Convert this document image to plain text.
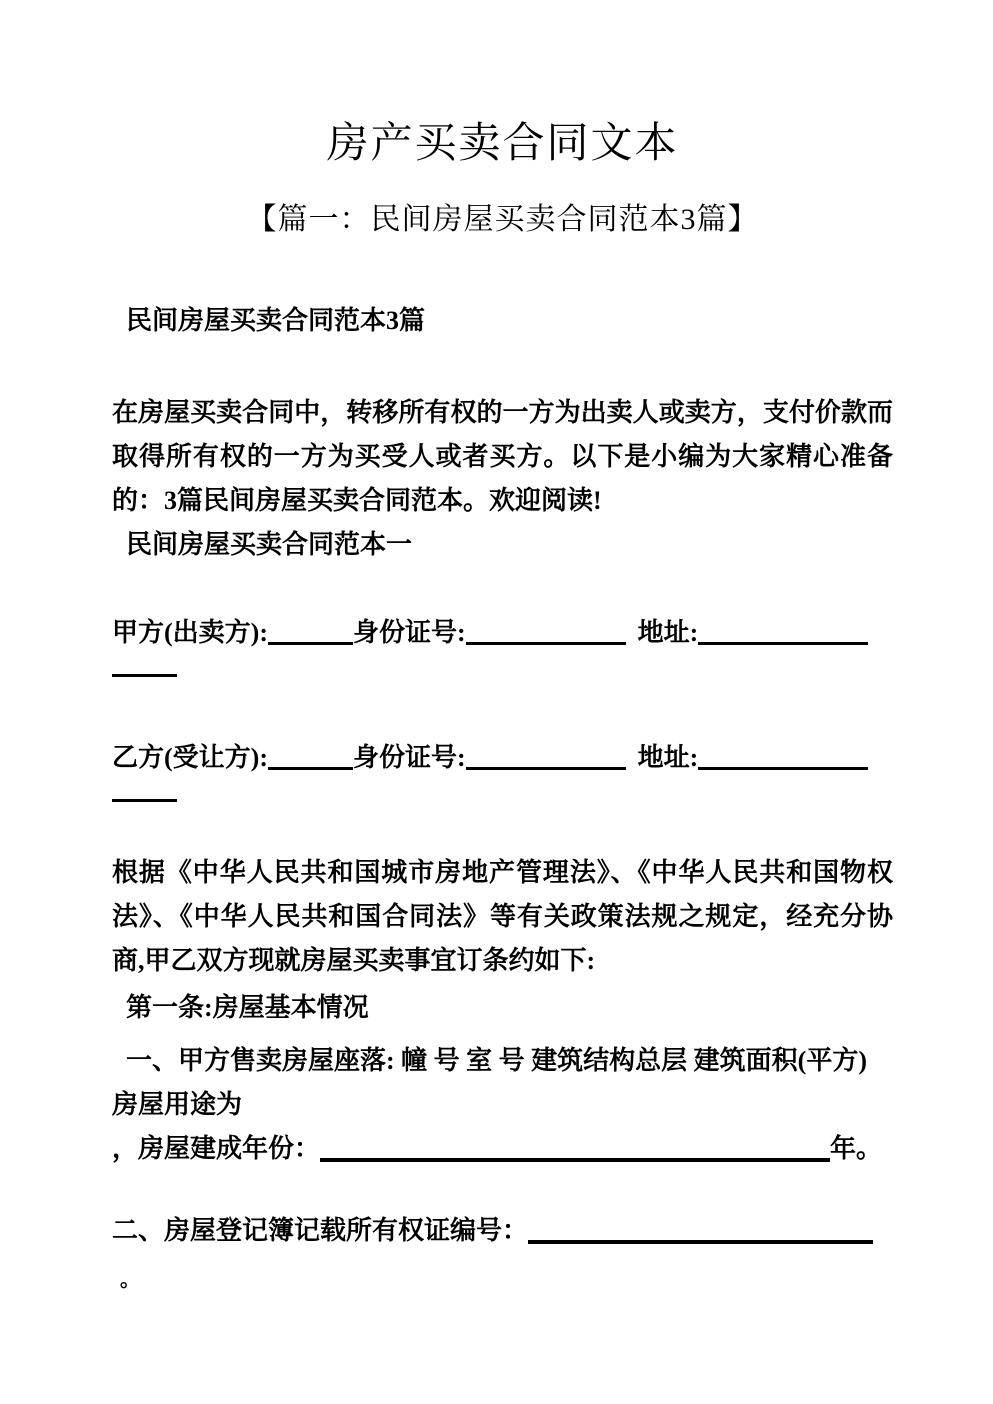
房产买卖合同文本
【篇一：民间房屋买卖合同范本3篇】
民间房屋买卖合同范本3篇

在房屋买卖合同中，转移所有权的一方为出卖人或卖方，支付价款而取得所有权的一方为买受人或者买方。以下是小编为大家精心准备的：3篇民间房屋买卖合同范本。欢迎阅读!

民间房屋买卖合同范本一

甲方(出卖方):	身份证号:	地址:

乙方(受让方):	身份证号:	地址:

根据《中华人民共和国城市房地产管理法》、《中华人民共和国物权法》、《中华人民共和国合同法》等有关政策法规之规定，经充分协商,甲乙双方现就房屋买卖事宜订条约如下:

第一条:房屋基本情况

一、甲方售卖房屋座落: 幢 号 室 号 建筑结构总层 建筑面积(平方) 房屋用途为

，房屋建成年份：	年。

二、房屋登记簿记载所有权证编号：

。
